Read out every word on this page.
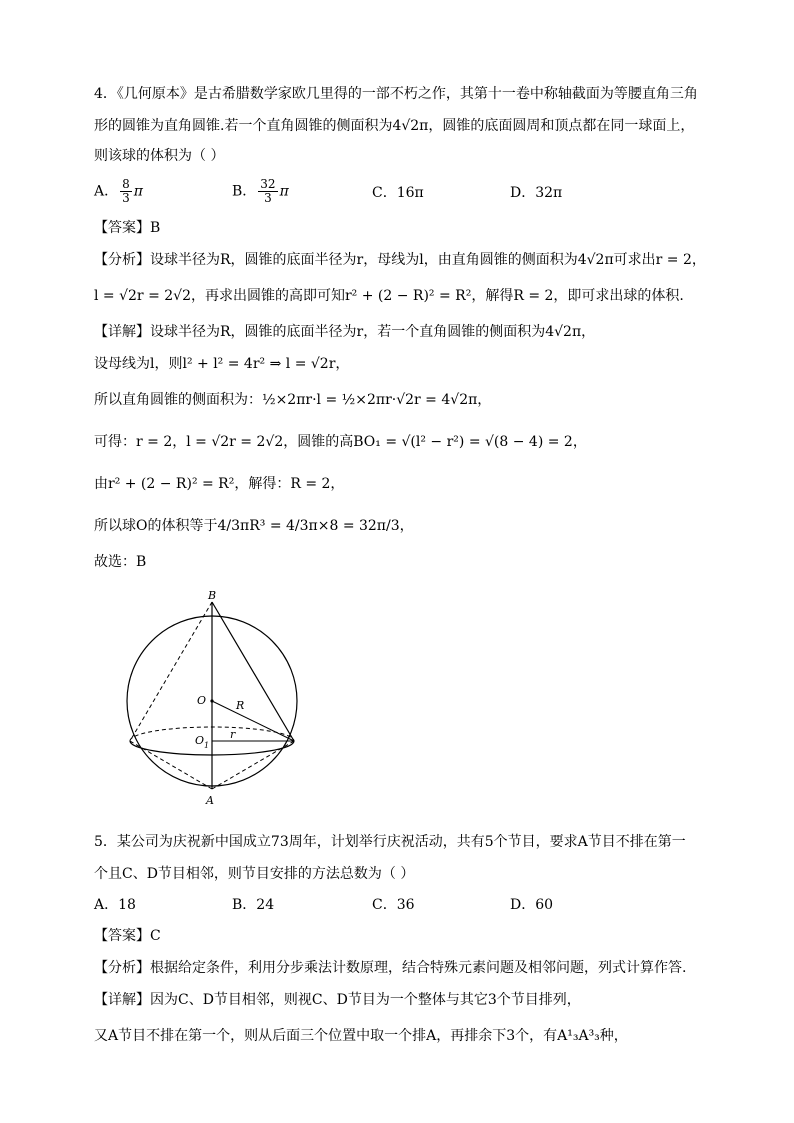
4．《几何原本》是古希腊数学家欧几里得的一部不朽之作，其第十一卷中称轴截面为等腰直角三角
形的圆锥为直角圆锥.若一个直角圆锥的侧面积为4√2π，圆锥的底面圆周和顶点都在同一球面上，
则该球的体积为（ ）
A． $\frac{8}{3}$ π	B． $\frac{32}{3}$ π	C．16π	D．32π
【答案】B
【分析】设球半径为R，圆锥的底面半径为r，母线为l，由直角圆锥的侧面积为4√2π可求出r = 2，
l = √2r = 2√2，再求出圆锥的高即可知r² + (2 − R)² = R²，解得R = 2，即可求出球的体积.
【详解】设球半径为R，圆锥的底面半径为r，若一个直角圆锥的侧面积为4√2π，
设母线为l，则l² + l² = 4r² ⇒ l = √2r，
所以直角圆锥的侧面积为：½×2πr·l = ½×2πr·√2r = 4√2π，
可得：r = 2，l = √2r = 2√2，圆锥的高BO₁ = √(l² − r²) = √(8 − 4) = 2，
由r² + (2 − R)² = R²，解得：R = 2，
所以球O的体积等于4/3πR³ = 4/3π×8 = 32π/3，
故选：B
B
O	R
O 1
r
A
5．某公司为庆祝新中国成立73周年，计划举行庆祝活动，共有5个节目，要求A节目不排在第一
个且C、D节目相邻，则节目安排的方法总数为（ ）
A．18	B．24	C．36	D．60
【答案】C
【分析】根据给定条件，利用分步乘法计数原理，结合特殊元素问题及相邻问题，列式计算作答.
【详解】因为C、D节目相邻，则视C、D节目为一个整体与其它3个节目排列，
又A节目不排在第一个，则从后面三个位置中取一个排A，再排余下3个，有A¹₃A³₃种，
